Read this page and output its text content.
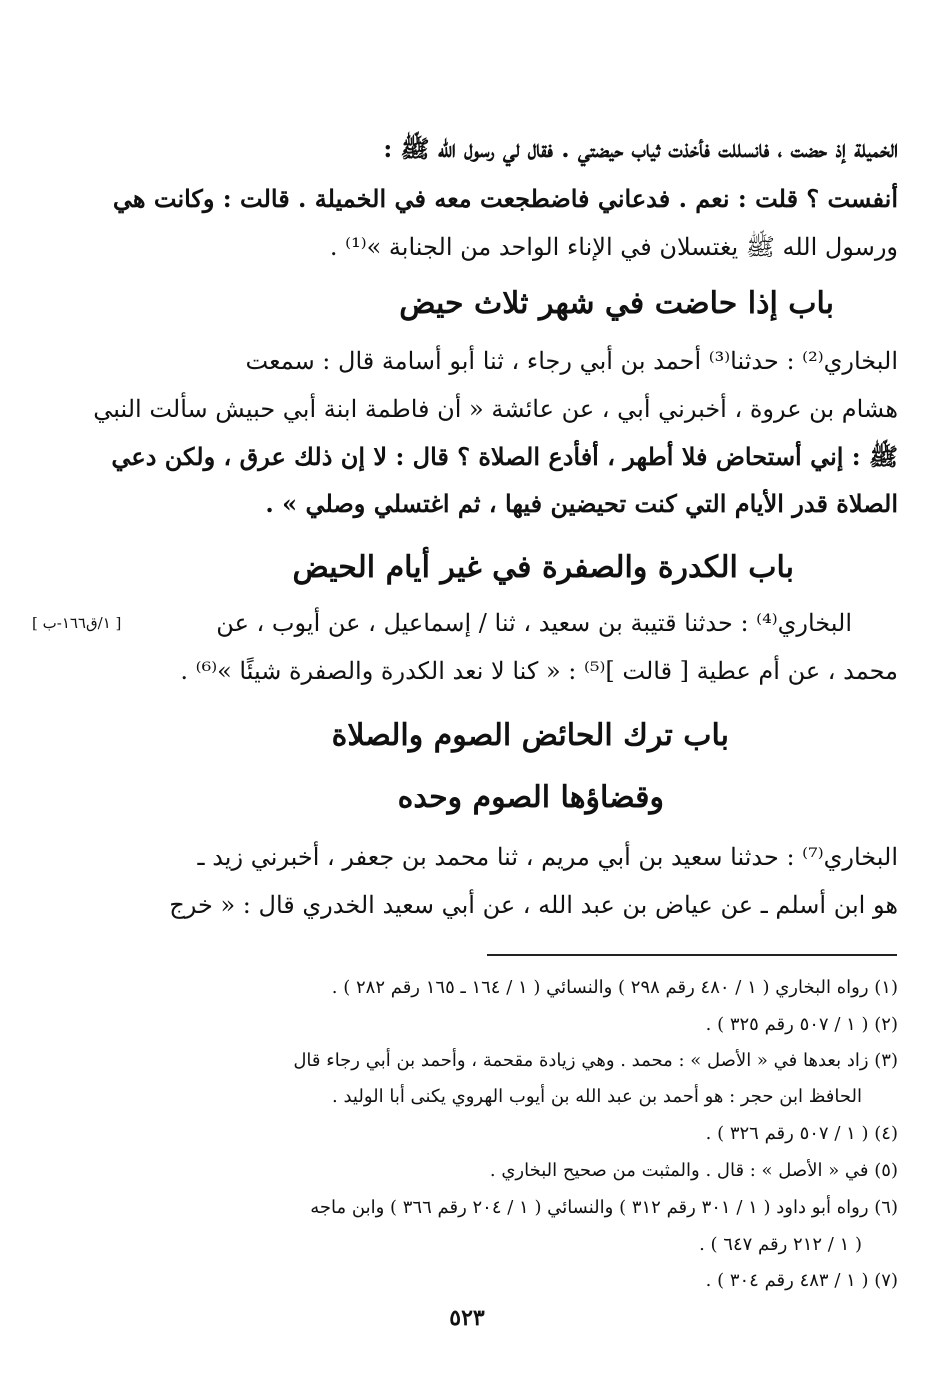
الخميلة إذ حضت ، فانسللت فأخذت ثياب حيضتي . فقال لي رسول الله ﷺ :
أنفست ؟ قلت : نعم . فدعاني فاضطجعت معه في الخميلة . قالت : وكانت هي
ورسول الله ﷺ يغتسلان في الإناء الواحد من الجنابة »⁽¹⁾ .
باب إذا حاضت في شهر ثلاث حيض
البخاري⁽²⁾ : حدثنا⁽³⁾ أحمد بن أبي رجاء ، ثنا أبو أسامة قال : سمعت
هشام بن عروة ، أخبرني أبي ، عن عائشة « أن فاطمة ابنة أبي حبيش سألت النبي
ﷺ : إني أستحاض فلا أطهر ، أفأدع الصلاة ؟ قال : لا إن ذلك عرق ، ولكن دعي
الصلاة قدر الأيام التي كنت تحيضين فيها ، ثم اغتسلي وصلي » .
باب الكدرة والصفرة في غير أيام الحيض
البخاري⁽⁴⁾ : حدثنا قتيبة بن سعيد ، ثنا / إسماعيل ، عن أيوب ، عن
[ ١/ق١٦٦-ب ]
محمد ، عن أم عطية [ قالت ]⁽⁵⁾ : « كنا لا نعد الكدرة والصفرة شيئًا »⁽⁶⁾ .
باب ترك الحائض الصوم والصلاة
وقضاؤها الصوم وحده
البخاري⁽⁷⁾ : حدثنا سعيد بن أبي مريم ، ثنا محمد بن جعفر ، أخبرني زيد ـ
هو ابن أسلم ـ عن عياض بن عبد الله ، عن أبي سعيد الخدري قال : « خرج
(١) رواه البخاري ( ١ / ٤٨٠ رقم ٢٩٨ ) والنسائي ( ١ / ١٦٤ ـ ١٦٥ رقم ٢٨٢ ) .
(٢) ( ١ / ٥٠٧ رقم ٣٢٥ ) .
(٣) زاد بعدها في « الأصل » : محمد . وهي زيادة مقحمة ، وأحمد بن أبي رجاء قال
الحافظ ابن حجر : هو أحمد بن عبد الله بن أيوب الهروي يكنى أبا الوليد .
(٤) ( ١ / ٥٠٧ رقم ٣٢٦ ) .
(٥) في « الأصل » : قال . والمثبت من صحيح البخاري .
(٦) رواه أبو داود ( ١ / ٣٠١ رقم ٣١٢ ) والنسائي ( ١ / ٢٠٤ رقم ٣٦٦ ) وابن ماجه
( ١ / ٢١٢ رقم ٦٤٧ ) .
(٧) ( ١ / ٤٨٣ رقم ٣٠٤ ) .
٥٢٣
